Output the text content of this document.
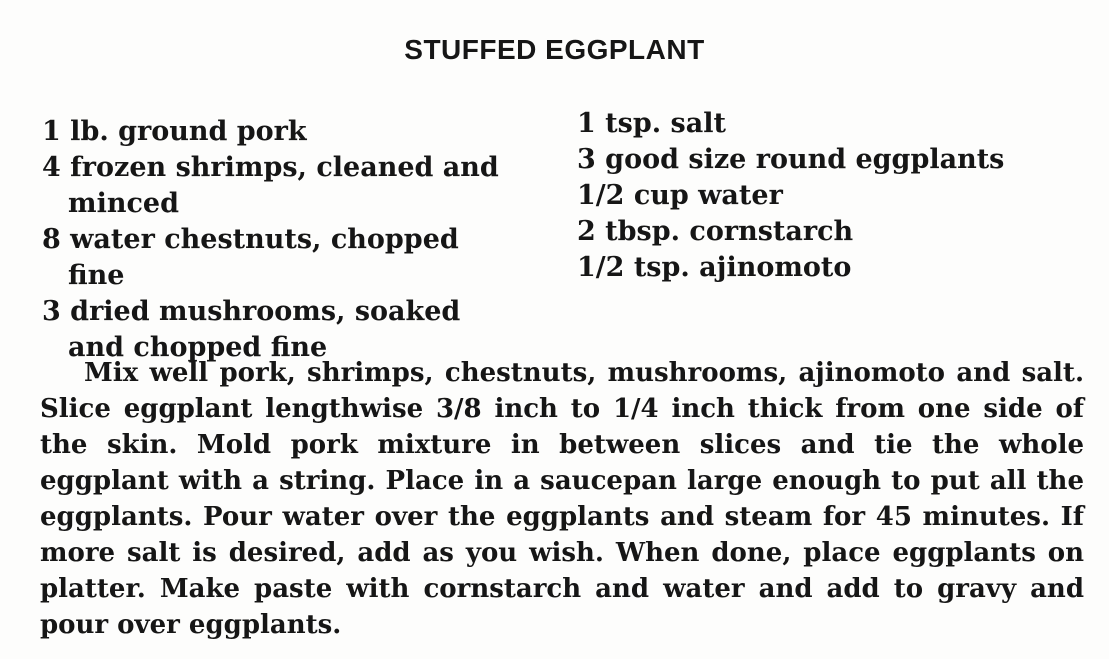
STUFFED EGGPLANT
1 lb. ground pork
4 frozen shrimps, cleaned and minced
8 water chestnuts, chopped fine
3 dried mushrooms, soaked and chopped fine
1 tsp. salt
3 good size round eggplants
1/2 cup water
2 tbsp. cornstarch
1/2 tsp. ajinomoto

Mix well pork, shrimps, chestnuts, mushrooms, ajinomoto and salt. Slice eggplant lengthwise 3/8 inch to 1/4 inch thick from one side of the skin. Mold pork mixture in between slices and tie the whole eggplant with a string. Place in a saucepan large enough to put all the eggplants. Pour water over the eggplants and steam for 45 minutes. If more salt is desired, add as you wish. When done, place eggplants on platter. Make paste with cornstarch and water and add to gravy and pour over eggplants.
